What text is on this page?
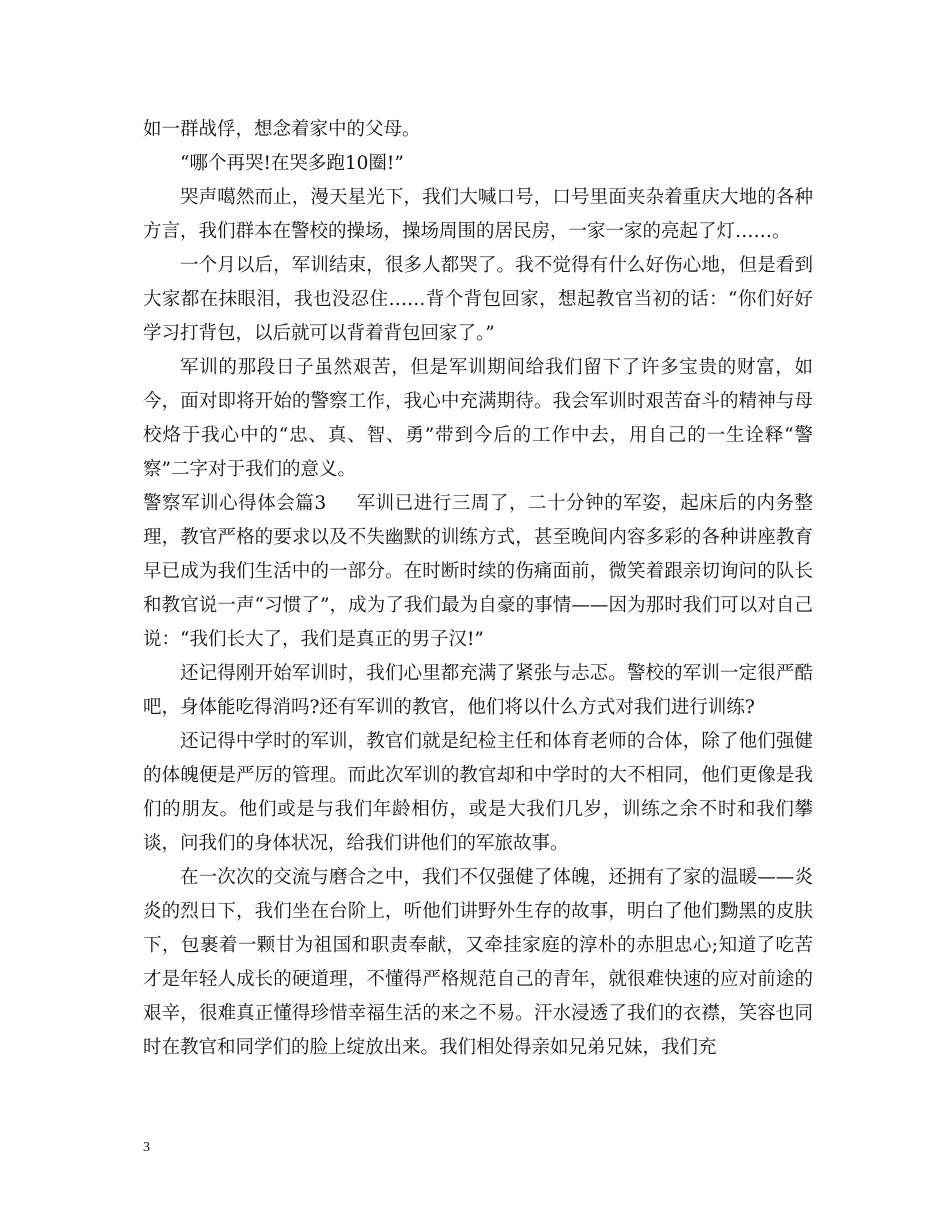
如一群战俘，想念着家中的父母。

“哪个再哭!在哭多跑10圈!”

哭声噶然而止，漫天星光下，我们大喊口号，口号里面夹杂着重庆大地的各种方言，我们群本在警校的操场，操场周围的居民房，一家一家的亮起了灯……。

一个月以后，军训结束，很多人都哭了。我不觉得有什么好伤心地，但是看到大家都在抹眼泪，我也没忍住……背个背包回家，想起教官当初的话：“你们好好学习打背包，以后就可以背着背包回家了。”

军训的那段日子虽然艰苦，但是军训期间给我们留下了许多宝贵的财富，如今，面对即将开始的警察工作，我心中充满期待。我会军训时艰苦奋斗的精神与母校烙于我心中的“忠、真、智、勇”带到今后的工作中去，用自己的一生诠释“警察”二字对于我们的意义。

警察军训心得体会篇3 军训已进行三周了，二十分钟的军姿，起床后的内务整理，教官严格的要求以及不失幽默的训练方式，甚至晚间内容多彩的各种讲座教育早已成为我们生活中的一部分。在时断时续的伤痛面前，微笑着跟亲切询问的队长和教官说一声“习惯了”，成为了我们最为自豪的事情——因为那时我们可以对自己说：“我们长大了，我们是真正的男子汉!”

还记得刚开始军训时，我们心里都充满了紧张与忐忑。警校的军训一定很严酷吧，身体能吃得消吗?还有军训的教官，他们将以什么方式对我们进行训练?

还记得中学时的军训，教官们就是纪检主任和体育老师的合体，除了他们强健的体魄便是严厉的管理。而此次军训的教官却和中学时的大不相同，他们更像是我们的朋友。他们或是与我们年龄相仿，或是大我们几岁，训练之余不时和我们攀谈，问我们的身体状况，给我们讲他们的军旅故事。

在一次次的交流与磨合之中，我们不仅强健了体魄，还拥有了家的温暖——炎炎的烈日下，我们坐在台阶上，听他们讲野外生存的故事，明白了他们黝黑的皮肤下，包裹着一颗甘为祖国和职责奉献，又牵挂家庭的淳朴的赤胆忠心;知道了吃苦才是年轻人成长的硬道理，不懂得严格规范自己的青年，就很难快速的应对前途的艰辛，很难真正懂得珍惜幸福生活的来之不易。汗水浸透了我们的衣襟，笑容也同时在教官和同学们的脸上绽放出来。我们相处得亲如兄弟兄妹，我们充

3
